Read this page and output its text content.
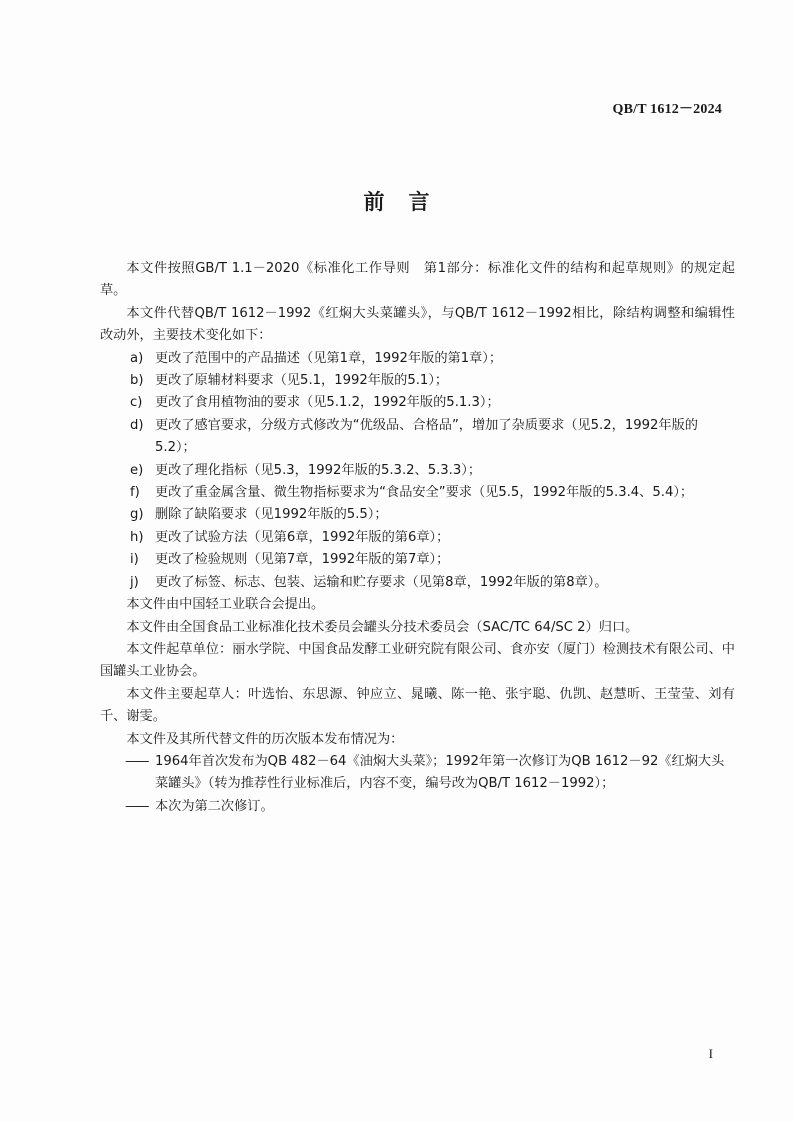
QB/T 1612－2024
前言

本文件按照GB/T 1.1－2020《标准化工作导则　第1部分：标准化文件的结构和起草规则》的规定起草。

本文件代替QB/T 1612－1992《红焖大头菜罐头》，与QB/T 1612－1992相比，除结构调整和编辑性改动外，主要技术变化如下：

a) 更改了范围中的产品描述（见第1章，1992年版的第1章）；
b) 更改了原辅材料要求（见5.1，1992年版的5.1）；
c) 更改了食用植物油的要求（见5.1.2，1992年版的5.1.3）；
d) 更改了感官要求，分级方式修改为“优级品、合格品”，增加了杂质要求（见5.2，1992年版的5.2）；
e) 更改了理化指标（见5.3，1992年版的5.3.2、5.3.3）；
f)	更改了重金属含量、微生物指标要求为“食品安全”要求（见5.5，1992年版的5.3.4、5.4）；
g) 删除了缺陷要求（见1992年版的5.5）；
h) 更改了试验方法（见第6章，1992年版的第6章）；
i)	更改了检验规则（见第7章，1992年版的第7章）；
j)	更改了标签、标志、包装、运输和贮存要求（见第8章，1992年版的第8章）。

本文件由中国轻工业联合会提出。

本文件由全国食品工业标准化技术委员会罐头分技术委员会（SAC/TC 64/SC 2）归口。

本文件起草单位：丽水学院、中国食品发酵工业研究院有限公司、食亦安（厦门）检测技术有限公司、中国罐头工业协会。

本文件主要起草人：叶选怡、东思源、钟应立、晁曦、陈一艳、张宇聪、仇凯、赵慧昕、王莹莹、刘有千、谢雯。

本文件及其所代替文件的历次版本发布情况为：

—— 1964年首次发布为QB 482－64《油焖大头菜》；1992年第一次修订为QB 1612－92《红焖大头菜罐头》（转为推荐性行业标准后，内容不变，编号改为QB/T 1612－1992）；

—— 本次为第二次修订。

I
